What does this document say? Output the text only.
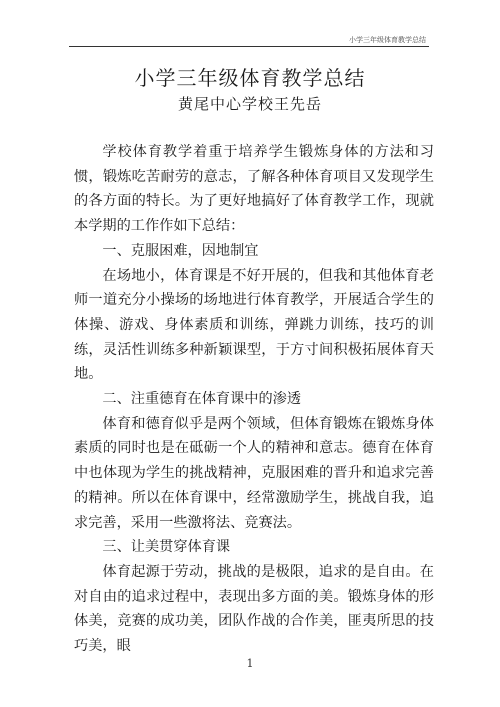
小学三年级体育教学总结
小学三年级体育教学总结
黄尾中心学校王先岳

学校体育教学着重于培养学生锻炼身体的方法和习惯，锻炼吃苦耐劳的意志，了解各种体育项目又发现学生的各方面的特长。为了更好地搞好了体育教学工作，现就本学期的工作作如下总结：

一、克服困难，因地制宜

在场地小，体育课是不好开展的，但我和其他体育老师一道充分小操场的场地进行体育教学，开展适合学生的体操、游戏、身体素质和训练，弹跳力训练，技巧的训练，灵活性训练多种新颖课型，于方寸间积极拓展体育天地。

二、注重德育在体育课中的渗透

体育和德育似乎是两个领域，但体育锻炼在锻炼身体素质的同时也是在砥砺一个人的精神和意志。德育在体育中也体现为学生的挑战精神，克服困难的晋升和追求完善的精神。所以在体育课中，经常激励学生，挑战自我，追求完善，采用一些激将法、竞赛法。

三、让美贯穿体育课

体育起源于劳动，挑战的是极限，追求的是自由。在对自由的追求过程中，表现出多方面的美。锻炼身体的形体美，竞赛的成功美，团队作战的合作美，匪夷所思的技巧美，眼

1
